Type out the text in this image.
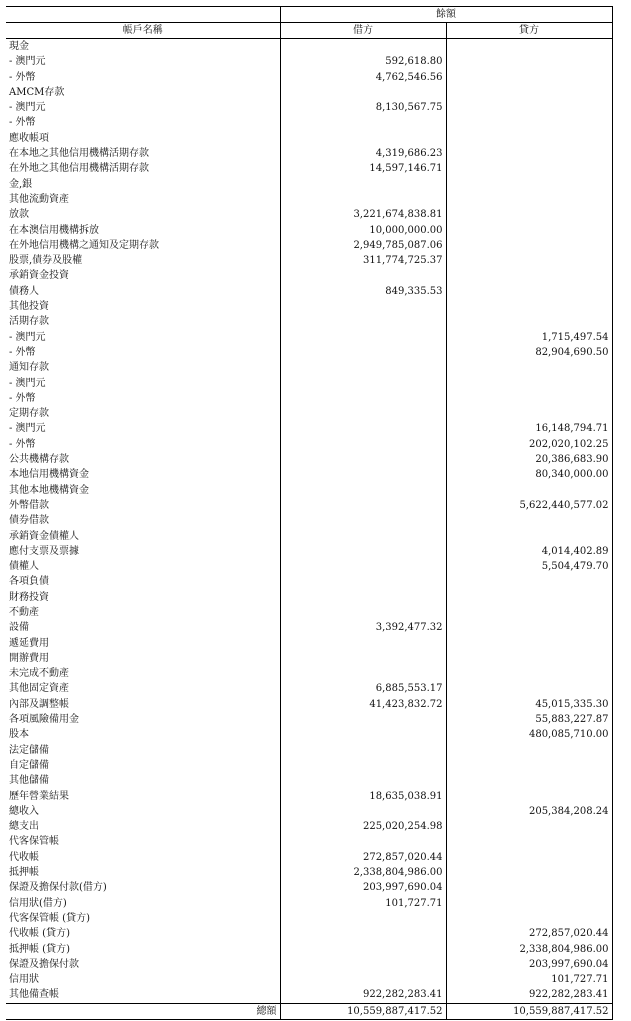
	餘額	
帳戶名稱	借方	貸方
現金		
- 澳門元	592,618.80	
- 外幣	4,762,546.56	
AMCM存款		
- 澳門元	8,130,567.75	
- 外幣		
應收帳項		
在本地之其他信用機構活期存款	4,319,686.23	
在外地之其他信用機構活期存款	14,597,146.71	
金,銀		
其他流動資產		
放款	3,221,674,838.81	
在本澳信用機構拆放	10,000,000.00	
在外地信用機構之通知及定期存款	2,949,785,087.06	
股票,債券及股權	311,774,725.37	
承銷資金投資		
債務人	849,335.53	
其他投資		
活期存款		
- 澳門元		1,715,497.54
- 外幣		82,904,690.50
通知存款		
- 澳門元		
- 外幣		
定期存款		
- 澳門元		16,148,794.71
- 外幣		202,020,102.25
公共機構存款		20,386,683.90
本地信用機構資金		80,340,000.00
其他本地機構資金		
外幣借款		5,622,440,577.02
債券借款		
承銷資金債權人		
應付支票及票據		4,014,402.89
債權人		5,504,479.70
各項負債		
財務投資		
不動產		
設備	3,392,477.32	
遞延費用		
開辦費用		
未完成不動產		
其他固定資產	6,885,553.17	
內部及調整帳	41,423,832.72	45,015,335.30
各項風險備用金		55,883,227.87
股本		480,085,710.00
法定儲備		
自定儲備		
其他儲備		
歷年營業結果	18,635,038.91	
總收入		205,384,208.24
總支出	225,020,254.98	
代客保管帳		
代收帳	272,857,020.44	
抵押帳	2,338,804,986.00	
保證及擔保付款(借方)	203,997,690.04	
信用狀(借方)	101,727.71	
代客保管帳 (貸方)		
代收帳 (貸方)		272,857,020.44
抵押帳 (貸方)		2,338,804,986.00
保證及擔保付款		203,997,690.04
信用狀		101,727.71
其他備查帳	922,282,283.41	922,282,283.41
總額	10,559,887,417.52	10,559,887,417.52
